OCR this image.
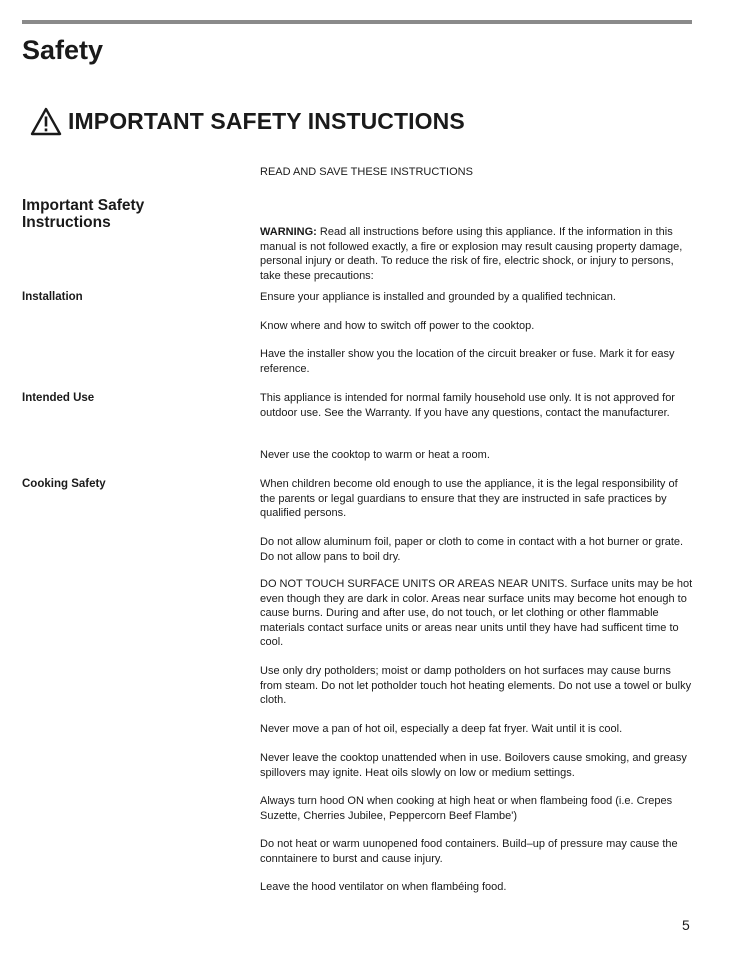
Safety
IMPORTANT SAFETY INSTUCTIONS
READ AND SAVE THESE INSTRUCTIONS
Important Safety Instructions
WARNING: Read all instructions before using this appliance. If the information in this manual is not followed exactly, a fire or explosion may result causing property damage, personal injury or death. To reduce the risk of fire, electric shock, or injury to persons, take these precautions:
Installation	Ensure your appliance is installed and grounded by a qualified technican.

Know where and how to switch off power to the cooktop.

Have the installer show you the location of the circuit breaker or fuse. Mark it for easy reference.

Intended Use	This appliance is intended for normal family household use only. It is not approved for outdoor use. See the Warranty. If you have any questions, contact the manufacturer.

Never use the cooktop to warm or heat a room.

Cooking Safety	When children become old enough to use the appliance, it is the legal responsibility of the parents or legal guardians to ensure that they are instructed in safe practices by qualified persons.

Do not allow aluminum foil, paper or cloth to come in contact with a hot burner or grate. Do not allow pans to boil dry.

DO NOT TOUCH SURFACE UNITS OR AREAS NEAR UNITS. Surface units may be hot even though they are dark in color. Areas near surface units may become hot enough to cause burns. During and after use, do not touch, or let clothing or other flammable materials contact surface units or areas near units until they have had sufficent time to cool.

Use only dry potholders; moist or damp potholders on hot surfaces may cause burns from steam. Do not let potholder touch hot heating elements. Do not use a towel or bulky cloth.

Never move a pan of hot oil, especially a deep fat fryer. Wait until it is cool.

Never leave the cooktop unattended when in use. Boilovers cause smoking, and greasy spillovers may ignite. Heat oils slowly on low or medium settings.

Always turn hood ON when cooking at high heat or when flambeing food (i.e. Crepes Suzette, Cherries Jubilee, Peppercorn Beef Flambe')

Do not heat or warm uunopened food containers. Build–up of pressure may cause the conntainere to burst and cause injury.

Leave the hood ventilator on when flambéing food.

5
